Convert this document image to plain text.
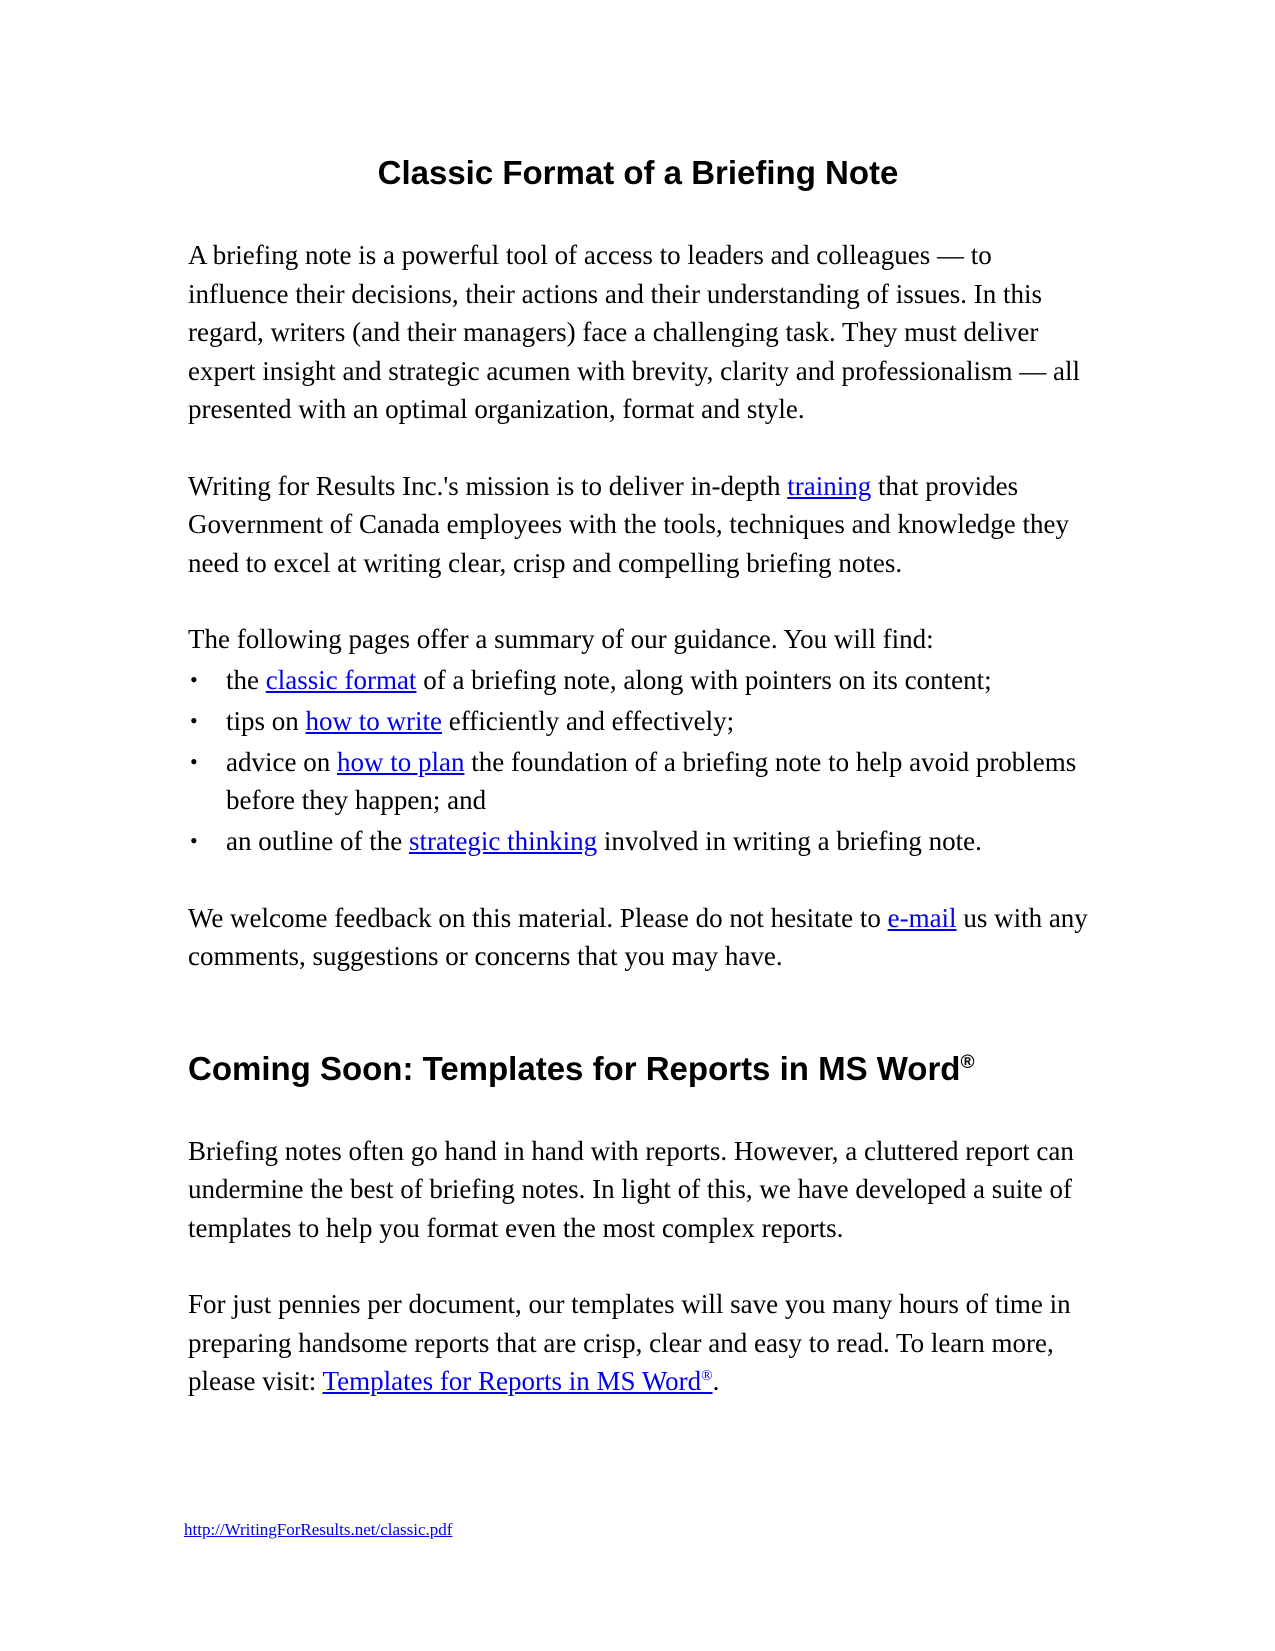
Classic Format of a Briefing Note

A briefing note is a powerful tool of access to leaders and colleagues — to influence their decisions, their actions and their understanding of issues. In this regard, writers (and their managers) face a challenging task. They must deliver expert insight and strategic acumen with brevity, clarity and professionalism — all presented with an optimal organization, format and style.

Writing for Results Inc.'s mission is to deliver in-depth training that provides Government of Canada employees with the tools, techniques and knowledge they need to excel at writing clear, crisp and compelling briefing notes.

The following pages offer a summary of our guidance. You will find:

• the classic format of a briefing note, along with pointers on its content;
• tips on how to write efficiently and effectively;
• advice on how to plan the foundation of a briefing note to help avoid problems before they happen; and
• an outline of the strategic thinking involved in writing a briefing note.

We welcome feedback on this material. Please do not hesitate to e-mail us with any comments, suggestions or concerns that you may have.

Coming Soon: Templates for Reports in MS Word®

Briefing notes often go hand in hand with reports. However, a cluttered report can undermine the best of briefing notes. In light of this, we have developed a suite of templates to help you format even the most complex reports.

For just pennies per document, our templates will save you many hours of time in preparing handsome reports that are crisp, clear and easy to read. To learn more, please visit: Templates for Reports in MS Word®.

http://WritingForResults.net/classic.pdf
